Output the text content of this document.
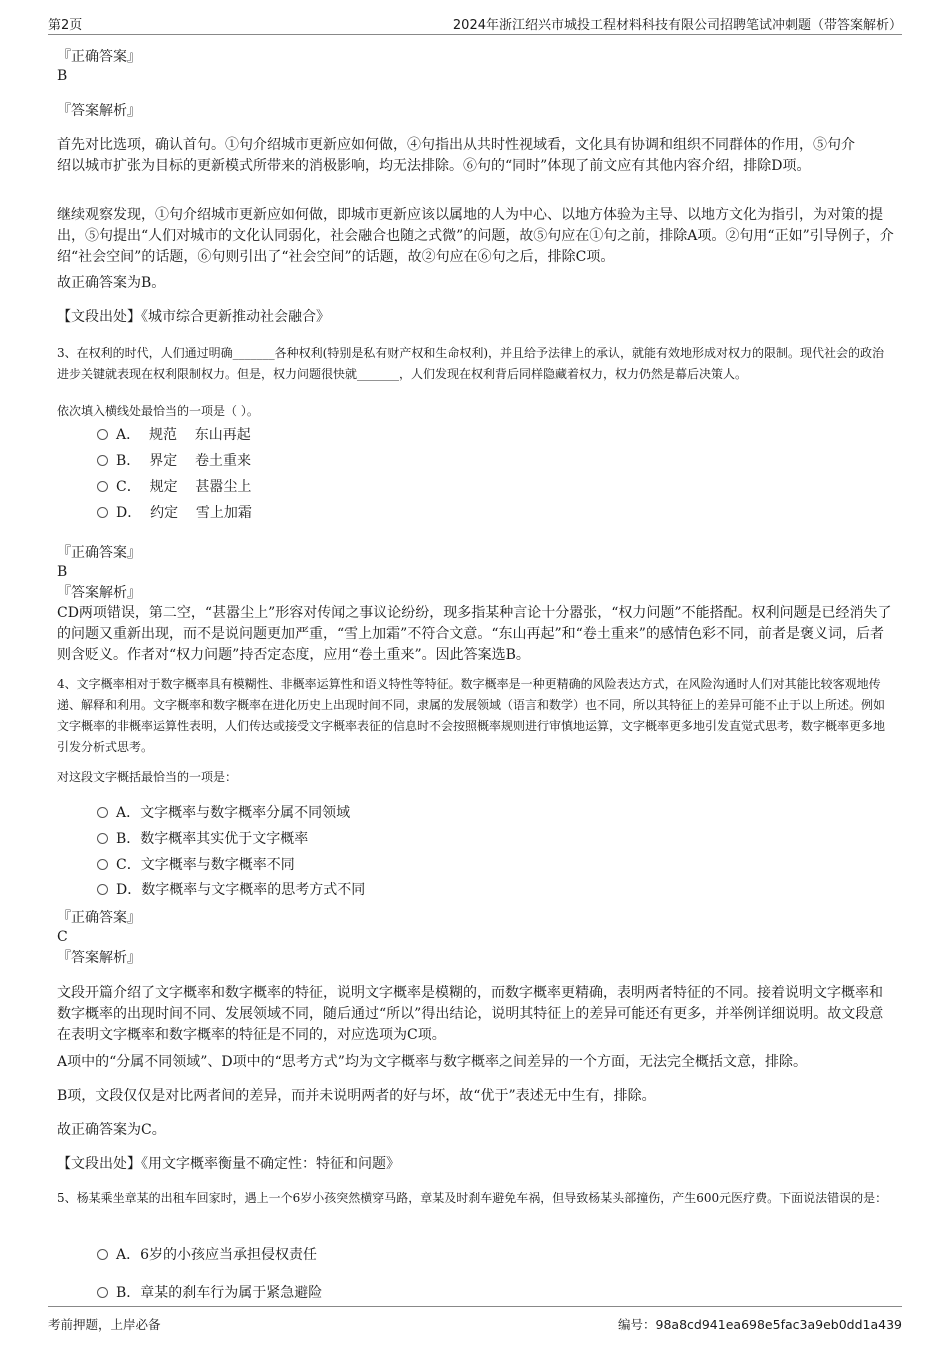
第2页	2024年浙江绍兴市城投工程材料科技有限公司招聘笔试冲刺题（带答案解析）

『正确答案』

B

『答案解析』

首先对比选项，确认首句。①句介绍城市更新应如何做，④句指出从共时性视域看，文化具有协调和组织不同群体的作用，⑤句介绍以城市扩张为目标的更新模式所带来的消极影响，均无法排除。⑥句的“同时”体现了前文应有其他内容介绍，排除D项。

继续观察发现，①句介绍城市更新应如何做，即城市更新应该以属地的人为中心、以地方体验为主导、以地方文化为指引，为对策的提出，⑤句提出“人们对城市的文化认同弱化，社会融合也随之式微”的问题，故⑤句应在①句之前，排除A项。②句用“正如”引导例子，介绍“社会空间”的话题，⑥句则引出了“社会空间”的话题，故②句应在⑥句之后，排除C项。

故正确答案为B。

【文段出处】《城市综合更新推动社会融合》

3、在权利的时代，人们通过明确_______各种权利(特别是私有财产权和生命权利)，并且给予法律上的承认，就能有效地形成对权力的限制。现代社会的政治进步关键就表现在权利限制权力。但是，权力问题很快就_______，人们发现在权利背后同样隐藏着权力，权力仍然是幕后决策人。

依次填入横线处最恰当的一项是（ ）。

A．  规范    东山再起
B．  界定    卷土重来
C．  规定    甚嚣尘上
D．  约定    雪上加霜

『正确答案』

B

『答案解析』

CD两项错误，第二空，“甚嚣尘上”形容对传闻之事议论纷纷，现多指某种言论十分嚣张，“权力问题”不能搭配。权利问题是已经消失了的问题又重新出现，而不是说问题更加严重，“雪上加霜”不符合文意。“东山再起”和“卷土重来”的感情色彩不同，前者是褒义词，后者则含贬义。作者对“权力问题”持否定态度，应用“卷土重来”。因此答案选B。

4、文字概率相对于数字概率具有模糊性、非概率运算性和语义特性等特征。数字概率是一种更精确的风险表达方式，在风险沟通时人们对其能比较客观地传递、解释和利用。文字概率和数字概率在进化历史上出现时间不同，隶属的发展领域（语言和数学）也不同，所以其特征上的差异可能不止于以上所述。例如文字概率的非概率运算性表明，人们传达或接受文字概率表征的信息时不会按照概率规则进行审慎地运算，文字概率更多地引发直觉式思考，数字概率更多地引发分析式思考。

对这段文字概括最恰当的一项是：

A．文字概率与数字概率分属不同领域
B．数字概率其实优于文字概率
C．文字概率与数字概率不同
D．数字概率与文字概率的思考方式不同

『正确答案』

C

『答案解析』

文段开篇介绍了文字概率和数字概率的特征，说明文字概率是模糊的，而数字概率更精确，表明两者特征的不同。接着说明文字概率和数字概率的出现时间不同、发展领域不同，随后通过“所以”得出结论，说明其特征上的差异可能还有更多，并举例详细说明。故文段意在表明文字概率和数字概率的特征是不同的，对应选项为C项。

A项中的“分属不同领域”、D项中的“思考方式”均为文字概率与数字概率之间差异的一个方面，无法完全概括文意，排除。

B项，文段仅仅是对比两者间的差异，而并未说明两者的好与坏，故“优于”表述无中生有，排除。

故正确答案为C。

【文段出处】《用文字概率衡量不确定性：特征和问题》

5、杨某乘坐章某的出租车回家时，遇上一个6岁小孩突然横穿马路，章某及时刹车避免车祸，但导致杨某头部撞伤，产生600元医疗费。下面说法错误的是：

A．6岁的小孩应当承担侵权责任
B．章某的刹车行为属于紧急避险
考前押题，上岸必备	编号：98a8cd941ea698e5fac3a9eb0dd1a439
